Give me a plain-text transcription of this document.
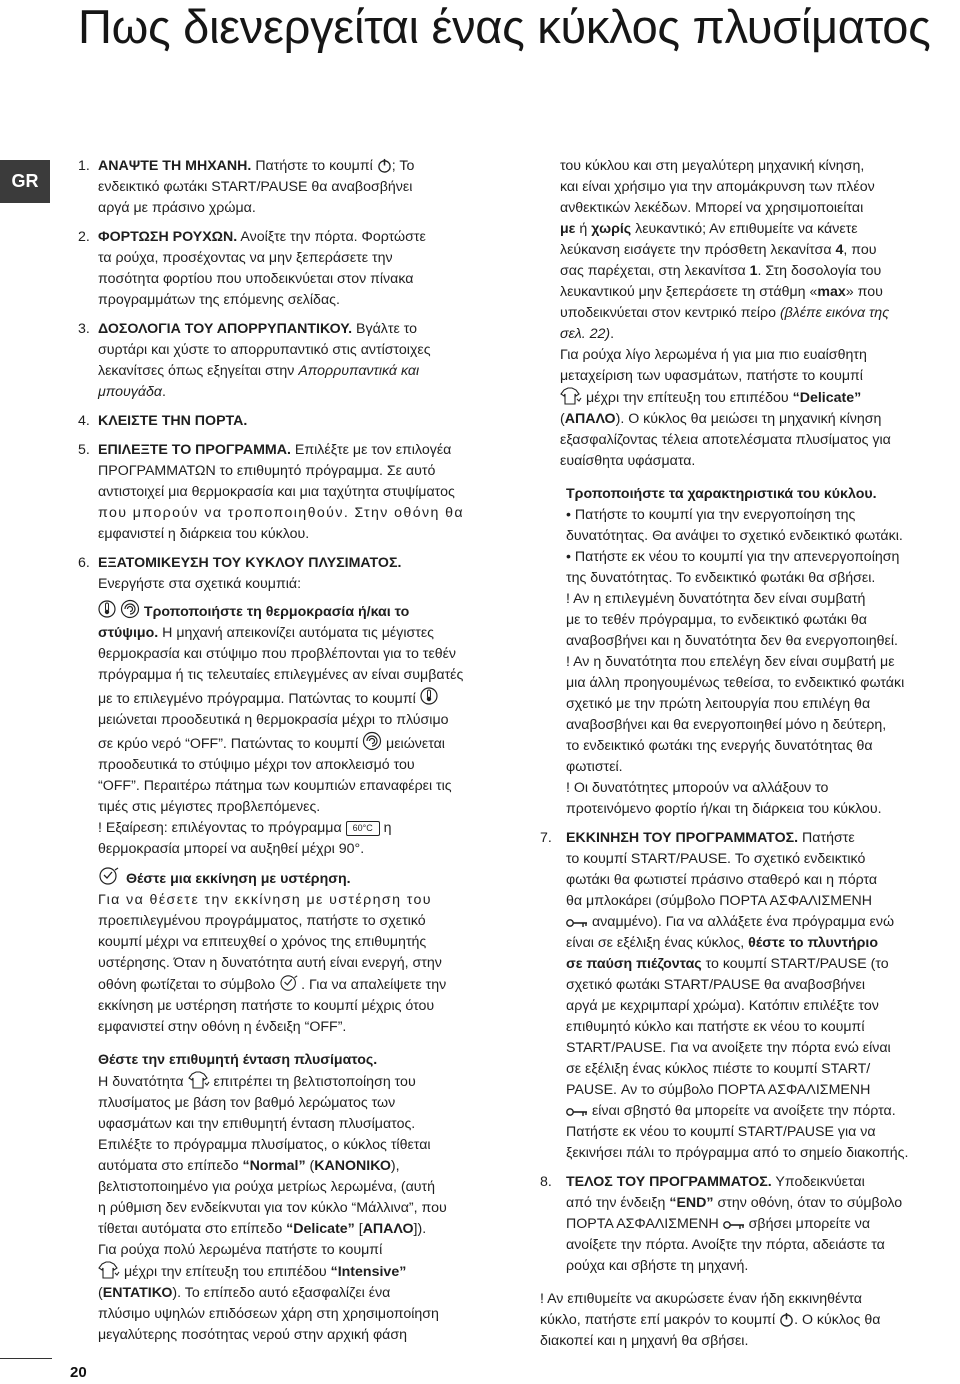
Πως διενεργείται ένας κύκλος πλυσίματος
GR

1. ΑΝΑΨΤΕ ΤΗ ΜΗΧΑΝΗ. Πατήστε το κουμπί ; Το

ενδεικτικό φωτάκι START/PAUSE θα αναβοσβήνει

αργά με πράσινο χρώμα.

2. ΦΟΡΤΩΣΗ ΡΟΥΧΩΝ. Ανοίξτε την πόρτα. Φορτώστε

τα ρούχα, προσέχοντας να μην ξεπεράσετε την

ποσότητα φορτίου που υποδεικνύεται στον πίνακα

προγραμμάτων της επόμενης σελίδας.

3. ΔΟΣΟΛΟΓΙΑ ΤΟΥ ΑΠΟΡΡΥΠΑΝΤΙΚΟΥ. Βγάλτε το

συρτάρι και χύστε το απορρυπαντικό στις αντίστοιχες

λεκανίτσες όπως εξηγείται στην Απορρυπαντικά και

μπουγάδα.

4. ΚΛΕΙΣΤΕ ΤΗΝ ΠΟΡΤΑ.

5. ΕΠΙΛΕΞΤΕ ΤΟ ΠΡΟΓΡΑΜΜΑ. Επιλέξτε με τον επιλογέα

ΠΡΟΓΡΑΜΜΑΤΩΝ το επιθυμητό πρόγραμμα. Σε αυτό

αντιστοιχεί μια θερμοκρασία και μια ταχύτητα στυψίματος

που μπορούν να τροποποιηθούν. Στην οθόνη θα

εμφανιστεί η διάρκεια του κύκλου.

6. ΕΞΑΤΟΜΙΚΕΥΣΗ ΤΟΥ ΚΥΚΛΟΥ ΠΛΥΣΙΜΑΤΟΣ.

Ενεργήστε στα σχετικά κουμπιά:

Τροποποιήστε τη θερμοκρασία ή/και το

στύψιμο. Η μηχανή απεικονίζει αυτόματα τις μέγιστες

θερμοκρασία και στύψιμο που προβλέπονται για το τεθέν

πρόγραμμα ή τις τελευταίες επιλεγμένες αν είναι συμβατές

με το επιλεγμένο πρόγραμμα. Πατώντας το κουμπί

μειώνεται προοδευτικά η θερμοκρασία μέχρι το πλύσιμο

σε κρύο νερό “OFF”. Πατώντας το κουμπί μειώνεται

προοδευτικά το στύψιμο μέχρι τον αποκλεισμό του

“OFF”. Περαιτέρω πάτημα των κουμπιών επαναφέρει τις

τιμές στις μέγιστες προβλεπόμενες.

! Εξαίρεση: επιλέγοντας το πρόγραμμα 60°C η

θερμοκρασία μπορεί να αυξηθεί μέχρι 90°.

Θέστε μια εκκίνηση με υστέρηση.

Για να θέσετε την εκκίνηση με υστέρηση του

προεπιλεγμένου προγράμματος, πατήστε το σχετικό

κουμπί μέχρι να επιτευχθεί ο χρόνος της επιθυμητής

υστέρησης. Όταν η δυνατότητα αυτή είναι ενεργή, στην

οθόνη φωτίζεται το σύμβολο . Για να απαλείψετε την

εκκίνηση με υστέρηση πατήστε το κουμπί μέχρις ότου

εμφανιστεί στην οθόνη η ένδειξη “OFF”.

Θέστε την επιθυμητή ένταση πλυσίματος.

Η δυνατότητα επιτρέπει τη βελτιστοποίηση του

πλυσίματος με βάση τον βαθμό λερώματος των

υφασμάτων και την επιθυμητή ένταση πλυσίματος.

Επιλέξτε το πρόγραμμα πλυσίματος, ο κύκλος τίθεται

αυτόματα στο επίπεδο “Normal” (ΚΑΝΟΝΙΚΟ),

βελτιστοποιημένο για ρούχα μετρίως λερωμένα, (αυτή

η ρύθμιση δεν ενδείκνυται για τον κύκλο “Μάλλινα”, που

τίθεται αυτόματα στο επίπεδο “Delicate” [ΑΠΑΛΟ]).

Για ρούχα πολύ λερωμένα πατήστε το κουμπί

μέχρι την επίτευξη του επιπέδου “Intensive”

(ΕΝΤΑΤΙΚΟ). Το επίπεδο αυτό εξασφαλίζει ένα

πλύσιμο υψηλών επιδόσεων χάρη στη χρησιμοποίηση

μεγαλύτερης ποσότητας νερού στην αρχική φάση

του κύκλου και στη μεγαλύτερη μηχανική κίνηση,

και είναι χρήσιμο για την απομάκρυνση των πλέον

ανθεκτικών λεκέδων. Μπορεί να χρησιμοποιείται

με ή χωρίς λευκαντικό; Αν επιθυμείτε να κάνετε

λεύκανση εισάγετε την πρόσθετη λεκανίτσα 4, που

σας παρέχεται, στη λεκανίτσα 1. Στη δοσολογία του

λευκαντικού μην ξεπεράσετε τη στάθμη «max» που

υποδεικνύεται στον κεντρικό πείρο (βλέπε εικόνα της

σελ. 22).

Για ρούχα λίγο λερωμένα ή για μια πιο ευαίσθητη

μεταχείριση των υφασμάτων, πατήστε το κουμπί

μέχρι την επίτευξη του επιπέδου “Delicate”

(ΑΠΑΛΟ). Ο κύκλος θα μειώσει τη μηχανική κίνηση

εξασφαλίζοντας τέλεια αποτελέσματα πλυσίματος για

ευαίσθητα υφάσματα.

Τροποποιήστε τα χαρακτηριστικά του κύκλου.

• Πατήστε το κουμπί για την ενεργοποίηση της

δυνατότητας. Θα ανάψει το σχετικό ενδεικτικό φωτάκι.

• Πατήστε εκ νέου το κουμπί για την απενεργοποίηση

της δυνατότητας. Το ενδεικτικό φωτάκι θα σβήσει.

! Αν η επιλεγμένη δυνατότητα δεν είναι συμβατή

με το τεθέν πρόγραμμα, το ενδεικτικό φωτάκι θα

αναβοσβήνει και η δυνατότητα δεν θα ενεργοποιηθεί.

! Αν η δυνατότητα που επελέγη δεν είναι συμβατή με

μια άλλη προηγουμένως τεθείσα, το ενδεικτικό φωτάκι

σχετικό με την πρώτη λειτουργία που επιλέγη θα

αναβοσβήνει και θα ενεργοποιηθεί μόνο η δεύτερη,

το ενδεικτικό φωτάκι της ενεργής δυνατότητας θα

φωτιστεί.

! Οι δυνατότητες μπορούν να αλλάξουν το

προτεινόμενο φορτίο ή/και τη διάρκεια του κύκλου.

7. ΕΚΚΙΝΗΣΗ ΤΟΥ ΠΡΟΓΡΑΜΜΑΤΟΣ. Πατήστε

το κουμπί START/PAUSE. Το σχετικό ενδεικτικό

φωτάκι θα φωτιστεί πράσινο σταθερό και η πόρτα

θα μπλοκάρει (σύμβολο ΠΟΡΤΑ ΑΣΦΑΛΙΣΜΕΝΗ

αναμμένο). Για να αλλάξετε ένα πρόγραμμα ενώ

είναι σε εξέλιξη ένας κύκλος, θέστε το πλυντήριο

σε παύση πιέζοντας το κουμπί START/PAUSE (το

σχετικό φωτάκι START/PAUSE θα αναβοσβήνει

αργά με κεχριμπαρί χρώμα). Κατόπιν επιλέξτε τον

επιθυμητό κύκλο και πατήστε εκ νέου το κουμπί

START/PAUSE. Για να ανοίξετε την πόρτα ενώ είναι

σε εξέλιξη ένας κύκλος πιέστε το κουμπί START/

PAUSE. Αν το σύμβολο ΠΟΡΤΑ ΑΣΦΑΛΙΣΜΕΝΗ

είναι σβηστό θα μπορείτε να ανοίξετε την πόρτα.

Πατήστε εκ νέου το κουμπί START/PAUSE για να

ξεκινήσει πάλι το πρόγραμμα από το σημείο διακοπής.

8. ΤΕΛΟΣ ΤΟΥ ΠΡΟΓΡΑΜΜΑΤΟΣ. Υποδεικνύεται

από την ένδειξη “END” στην οθόνη, όταν το σύμβολο

ΠΟΡΤΑ ΑΣΦΑΛΙΣΜΕΝΗ σβήσει μπορείτε να

ανοίξετε την πόρτα. Ανοίξτε την πόρτα, αδειάστε τα

ρούχα και σβήστε τη μηχανή.

! Αν επιθυμείτε να ακυρώσετε έναν ήδη εκκινηθέντα

κύκλο, πατήστε επί μακρόν το κουμπί . Ο κύκλος θα

διακοπεί και η μηχανή θα σβήσει.

20
